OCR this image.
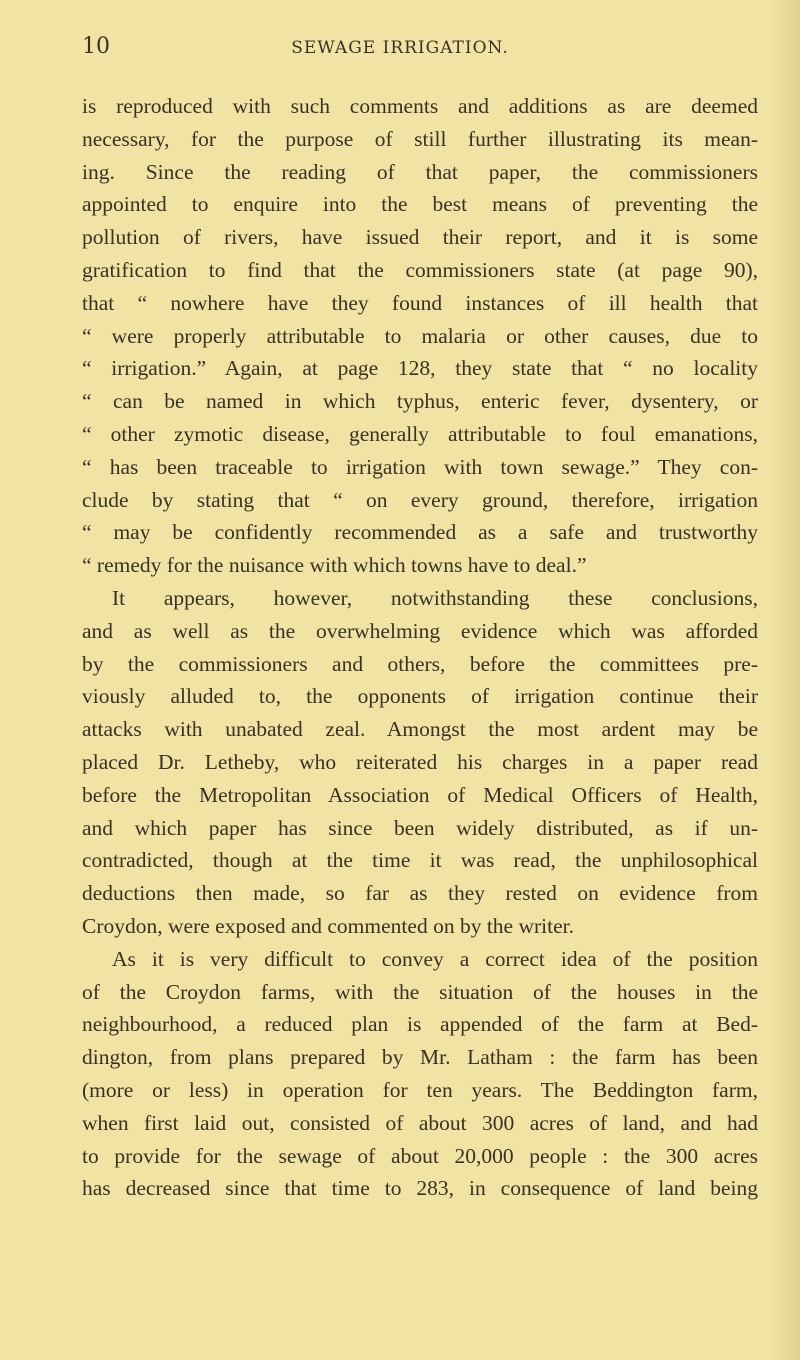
10	SEWAGE IRRIGATION.
is reproduced with such comments and additions as are deemed
necessary, for the purpose of still further illustrating its mean-
ing. Since the reading of that paper, the commissioners
appointed to enquire into the best means of preventing the
pollution of rivers, have issued their report, and it is some
gratification to find that the commissioners state (at page 90),
that “ nowhere have they found instances of ill health that
“ were properly attributable to malaria or other causes, due to
“ irrigation.” Again, at page 128, they state that “ no locality
“ can be named in which typhus, enteric fever, dysentery, or
“ other zymotic disease, generally attributable to foul emanations,
“ has been traceable to irrigation with town sewage.” They con-
clude by stating that “ on every ground, therefore, irrigation
“ may be confidently recommended as a safe and trustworthy
“ remedy for the nuisance with which towns have to deal.”
It appears, however, notwithstanding these conclusions,
and as well as the overwhelming evidence which was afforded
by the commissioners and others, before the committees pre-
viously alluded to, the opponents of irrigation continue their
attacks with unabated zeal. Amongst the most ardent may be
placed Dr. Letheby, who reiterated his charges in a paper read
before the Metropolitan Association of Medical Officers of Health,
and which paper has since been widely distributed, as if un-
contradicted, though at the time it was read, the unphilosophical
deductions then made, so far as they rested on evidence from
Croydon, were exposed and commented on by the writer.
As it is very difficult to convey a correct idea of the position
of the Croydon farms, with the situation of the houses in the
neighbourhood, a reduced plan is appended of the farm at Bed-
dington, from plans prepared by Mr. Latham : the farm has been
(more or less) in operation for ten years. The Beddington farm,
when first laid out, consisted of about 300 acres of land, and had
to provide for the sewage of about 20,000 people : the 300 acres
has decreased since that time to 283, in consequence of land being
